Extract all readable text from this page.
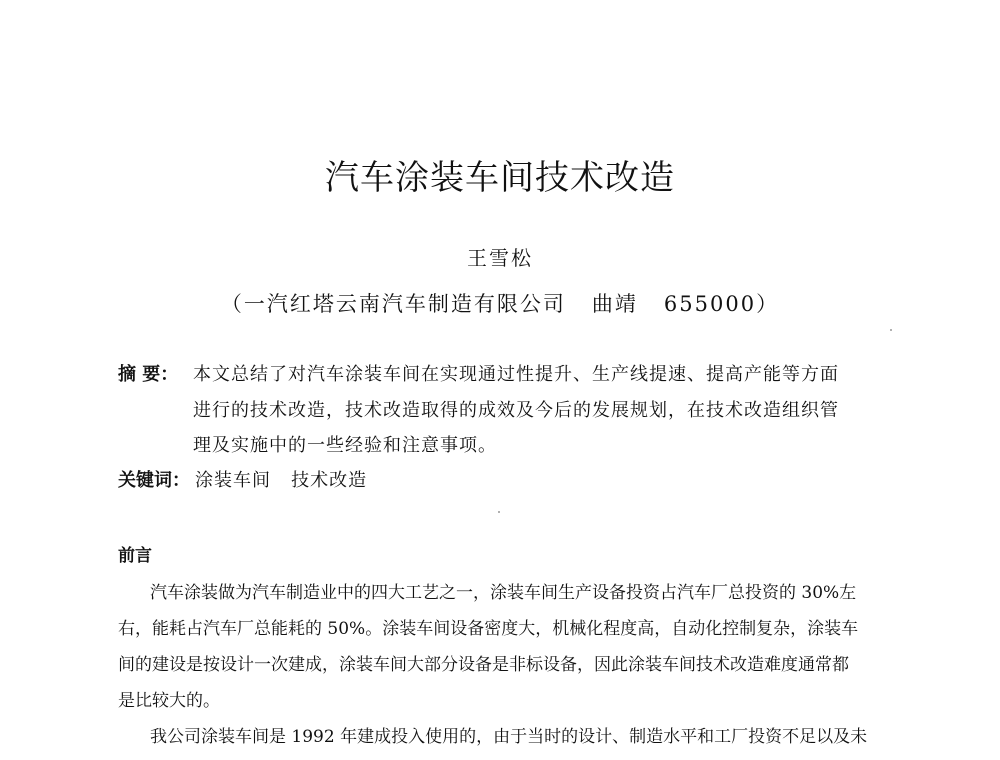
汽车涂装车间技术改造
王雪松
（一汽红塔云南汽车制造有限公司 曲靖 655000）
摘 要： 本文总结了对汽车涂装车间在实现通过性提升、生产线提速、提高产能等方面
进行的技术改造，技术改造取得的成效及今后的发展规划，在技术改造组织管
理及实施中的一些经验和注意事项。
关键词： 涂装车间   技术改造
前言
汽车涂装做为汽车制造业中的四大工艺之一，涂装车间生产设备投资占汽车厂总投资的 30%左
右，能耗占汽车厂总能耗的 50%。涂装车间设备密度大，机械化程度高，自动化控制复杂，涂装车
间的建设是按设计一次建成，涂装车间大部分设备是非标设备，因此涂装车间技术改造难度通常都
是比较大的。
我公司涂装车间是 1992 年建成投入使用的，由于当时的设计、制造水平和工厂投资不足以及未
